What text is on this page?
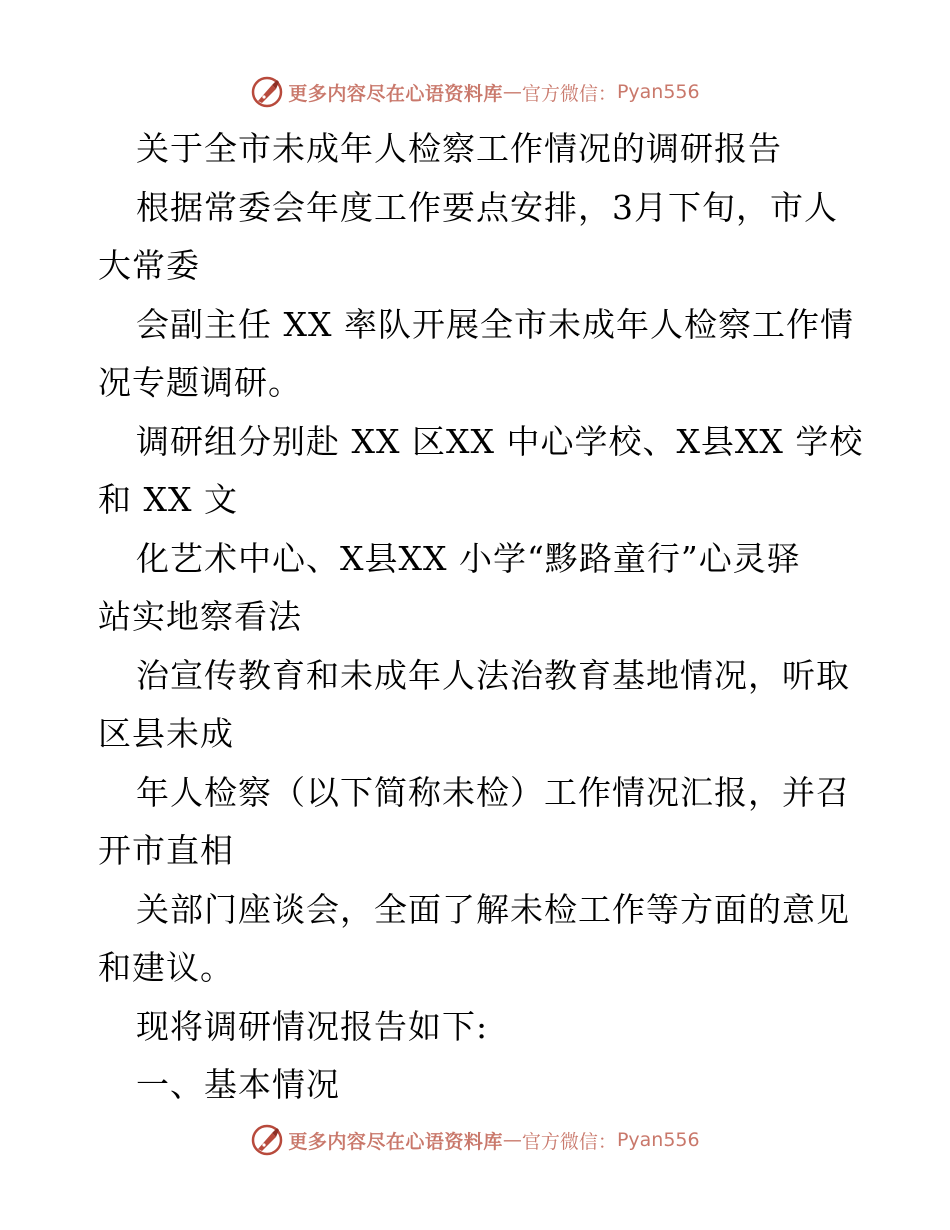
更多内容尽在心语资料库 — 官方微信： Pyan556
关于全市未成年人检察工作情况的调研报告
根据常委会年度工作要点安排，3月下旬，市人
大常委
会副主任 XX 率队开展全市未成年人检察工作情
况专题调研。
调研组分别赴 XX 区XX 中心学校、X县XX 学校
和 XX 文
化艺术中心、X县XX 小学“黟路童行”心灵驿
站实地察看法
治宣传教育和未成年人法治教育基地情况，听取
区县未成
年人检察（以下简称未检）工作情况汇报，并召
开市直相
关部门座谈会，全面了解未检工作等方面的意见
和建议。
现将调研情况报告如下:
一、基本情况
更多内容尽在心语资料库 — 官方微信： Pyan556
